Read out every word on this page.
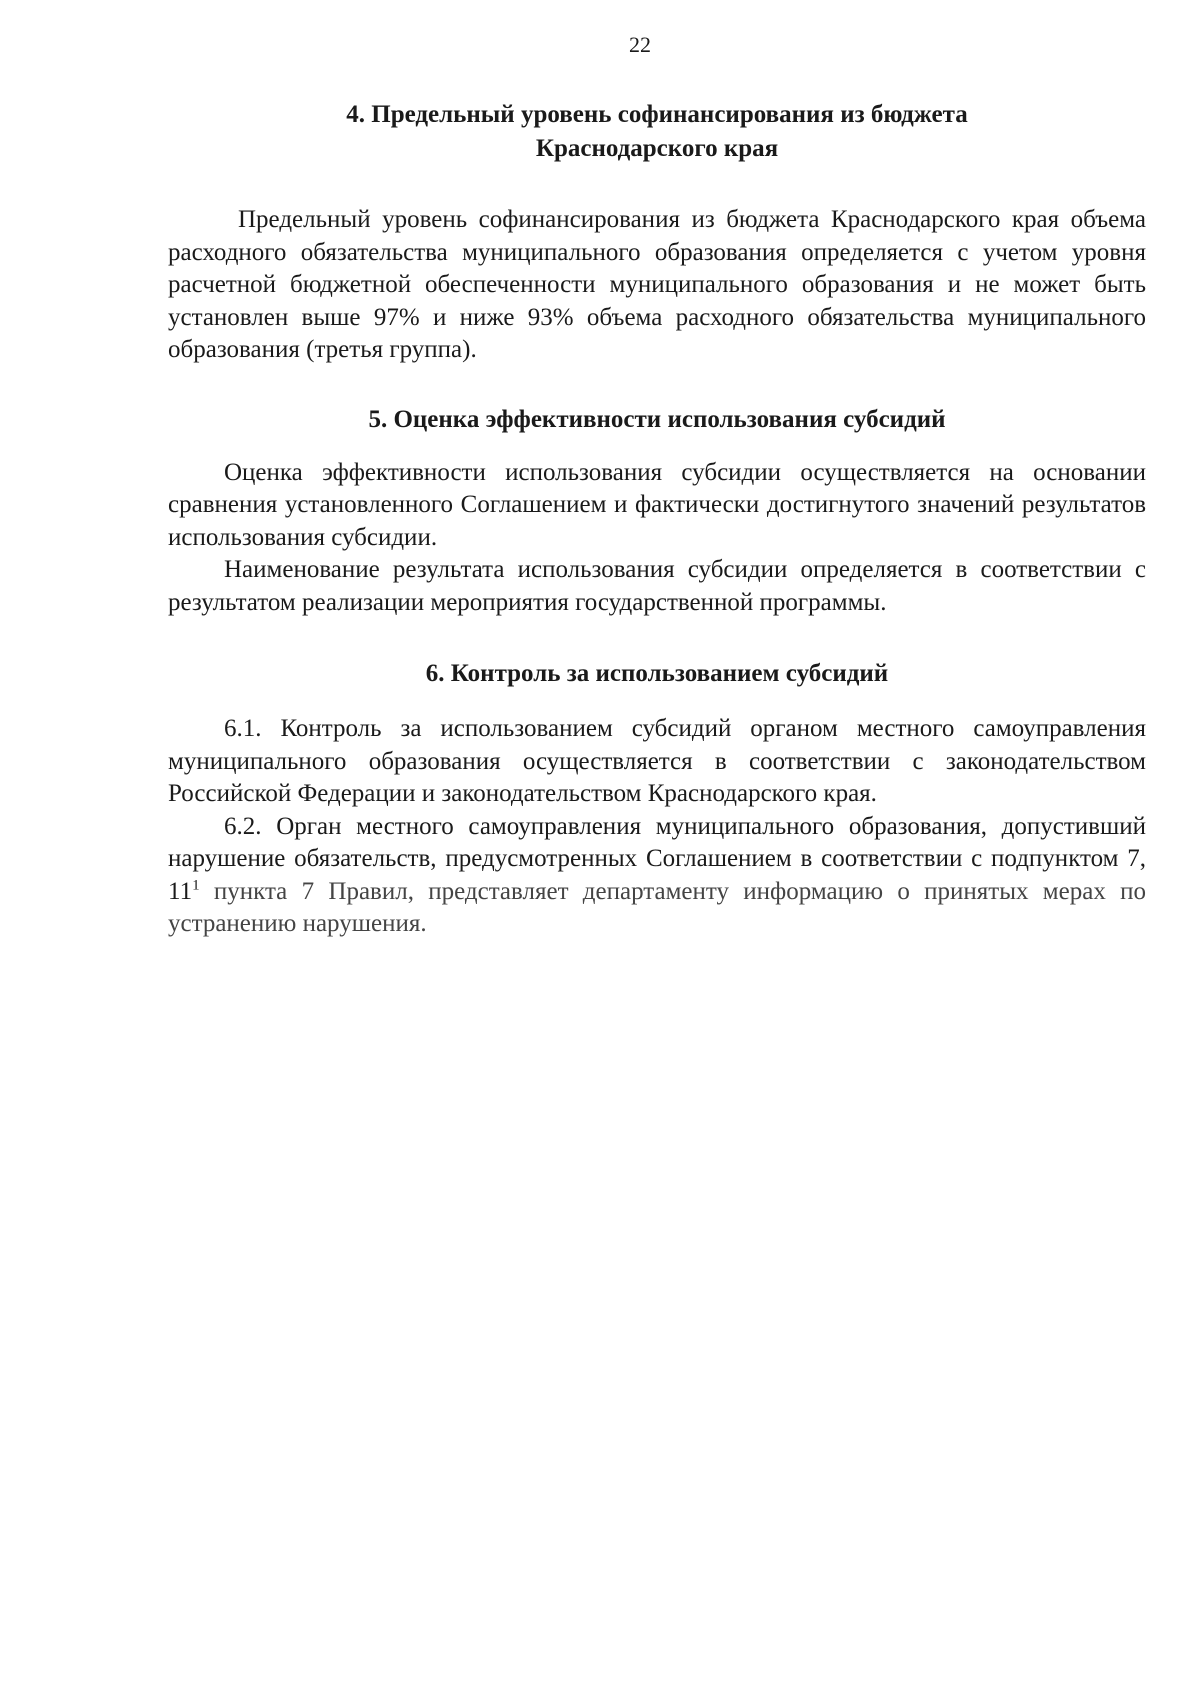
22
4. Предельный уровень софинансирования из бюджета
Краснодарского края

Предельный уровень софинансирования из бюджета Краснодарского края объема расходного обязательства муниципального образования определяется с учетом уровня расчетной бюджетной обеспеченности муниципального образования и не может быть установлен выше 97% и ниже 93% объема расходного обязательства муниципального образования (третья группа).

5. Оценка эффективности использования субсидий

Оценка эффективности использования субсидии осуществляется на основании сравнения установленного Соглашением и фактически достигнутого значений результатов использования субсидии.

Наименование результата использования субсидии определяется в соответствии с результатом реализации мероприятия государственной программы.

6. Контроль за использованием субсидий

6.1. Контроль за использованием субсидий органом местного самоуправления муниципального образования осуществляется в соответствии с законодательством Российской Федерации и законодательством Краснодарского края.

6.2. Орган местного самоуправления муниципального образования, допустивший нарушение обязательств, предусмотренных Соглашением в соответствии с подпунктом 7, $11^1$ пункта 7 Правил, представляет департаменту информацию о принятых мерах по устранению нарушения.
